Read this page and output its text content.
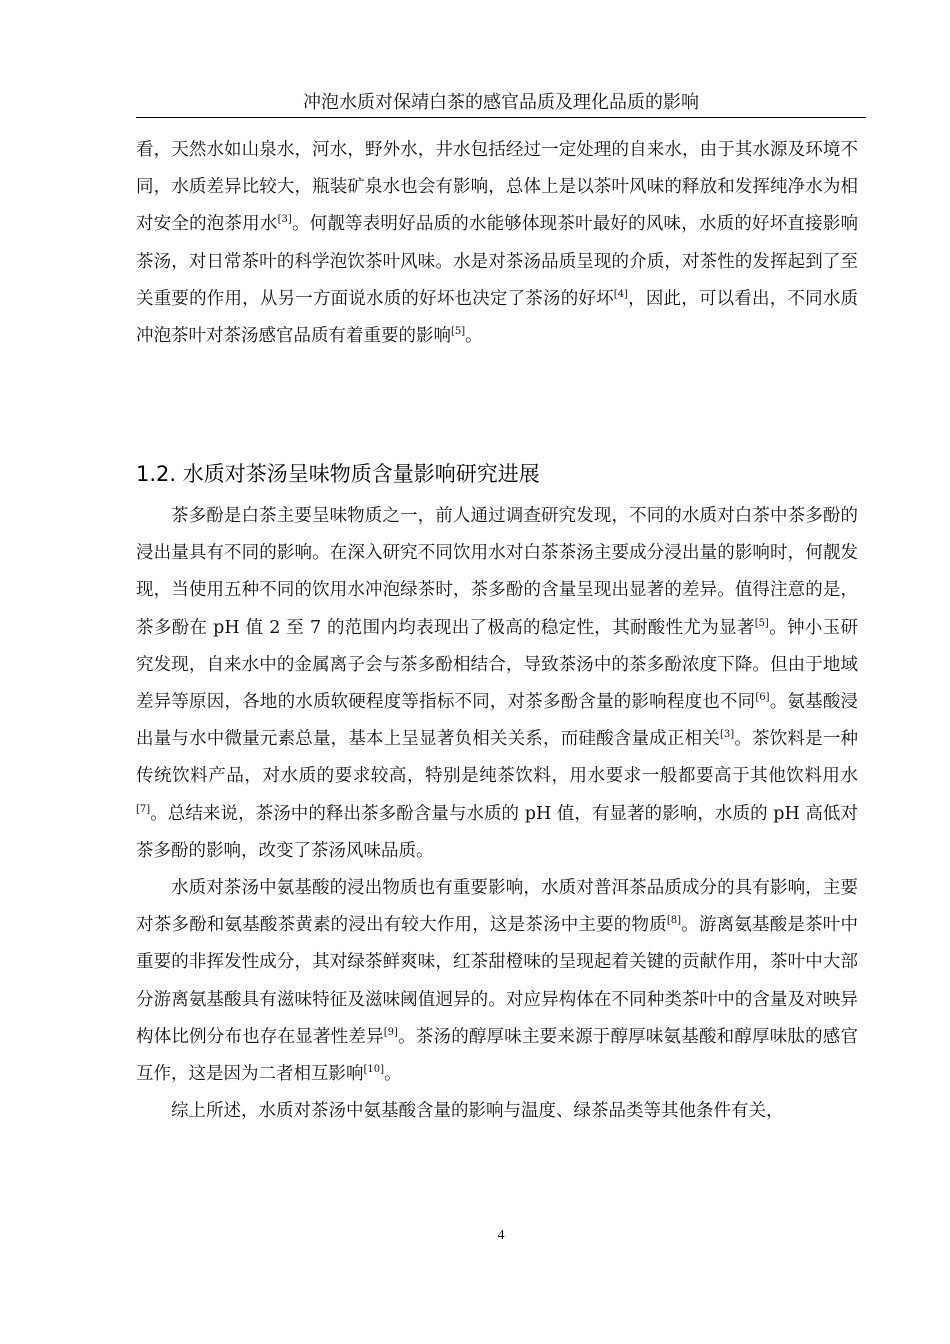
冲泡水质对保靖白茶的感官品质及理化品质的影响

看，天然水如山泉水，河水，野外水，井水包括经过一定处理的自来水，由于其水源及环境不同，水质差异比较大，瓶装矿泉水也会有影响，总体上是以茶叶风味的释放和发挥纯净水为相对安全的泡茶用水[3]。何靓等表明好品质的水能够体现茶叶最好的风味，水质的好坏直接影响茶汤，对日常茶叶的科学泡饮茶叶风味。水是对茶汤品质呈现的介质，对茶性的发挥起到了至关重要的作用，从另一方面说水质的好坏也决定了茶汤的好坏[4]，因此，可以看出，不同水质冲泡茶叶对茶汤感官品质有着重要的影响[5]。

1.2. 水质对茶汤呈味物质含量影响研究进展

茶多酚是白茶主要呈味物质之一，前人通过调查研究发现，不同的水质对白茶中茶多酚的浸出量具有不同的影响。在深入研究不同饮用水对白茶茶汤主要成分浸出量的影响时，何靓发现，当使用五种不同的饮用水冲泡绿茶时，茶多酚的含量呈现出显著的差异。值得注意的是，茶多酚在 pH 值 2 至 7 的范围内均表现出了极高的稳定性，其耐酸性尤为显著[5]。钟小玉研究发现，自来水中的金属离子会与茶多酚相结合，导致茶汤中的茶多酚浓度下降。但由于地域差异等原因，各地的水质软硬程度等指标不同，对茶多酚含量的影响程度也不同[6]。氨基酸浸出量与水中微量元素总量，基本上呈显著负相关关系，而硅酸含量成正相关[3]。茶饮料是一种传统饮料产品，对水质的要求较高，特别是纯茶饮料，用水要求一般都要高于其他饮料用水[7]。总结来说，茶汤中的释出茶多酚含量与水质的 pH 值，有显著的影响，水质的 pH 高低对茶多酚的影响，改变了茶汤风味品质。

水质对茶汤中氨基酸的浸出物质也有重要影响，水质对普洱茶品质成分的具有影响，主要对茶多酚和氨基酸茶黄素的浸出有较大作用，这是茶汤中主要的物质[8]。游离氨基酸是茶叶中重要的非挥发性成分，其对绿茶鲜爽味，红茶甜橙味的呈现起着关键的贡献作用，茶叶中大部分游离氨基酸具有滋味特征及滋味阈值迥异的。对应异构体在不同种类茶叶中的含量及对映异构体比例分布也存在显著性差异[9]。茶汤的醇厚味主要来源于醇厚味氨基酸和醇厚味肽的感官互作，这是因为二者相互影响[10]。

综上所述，水质对茶汤中氨基酸含量的影响与温度、绿茶品类等其他条件有关，

4
